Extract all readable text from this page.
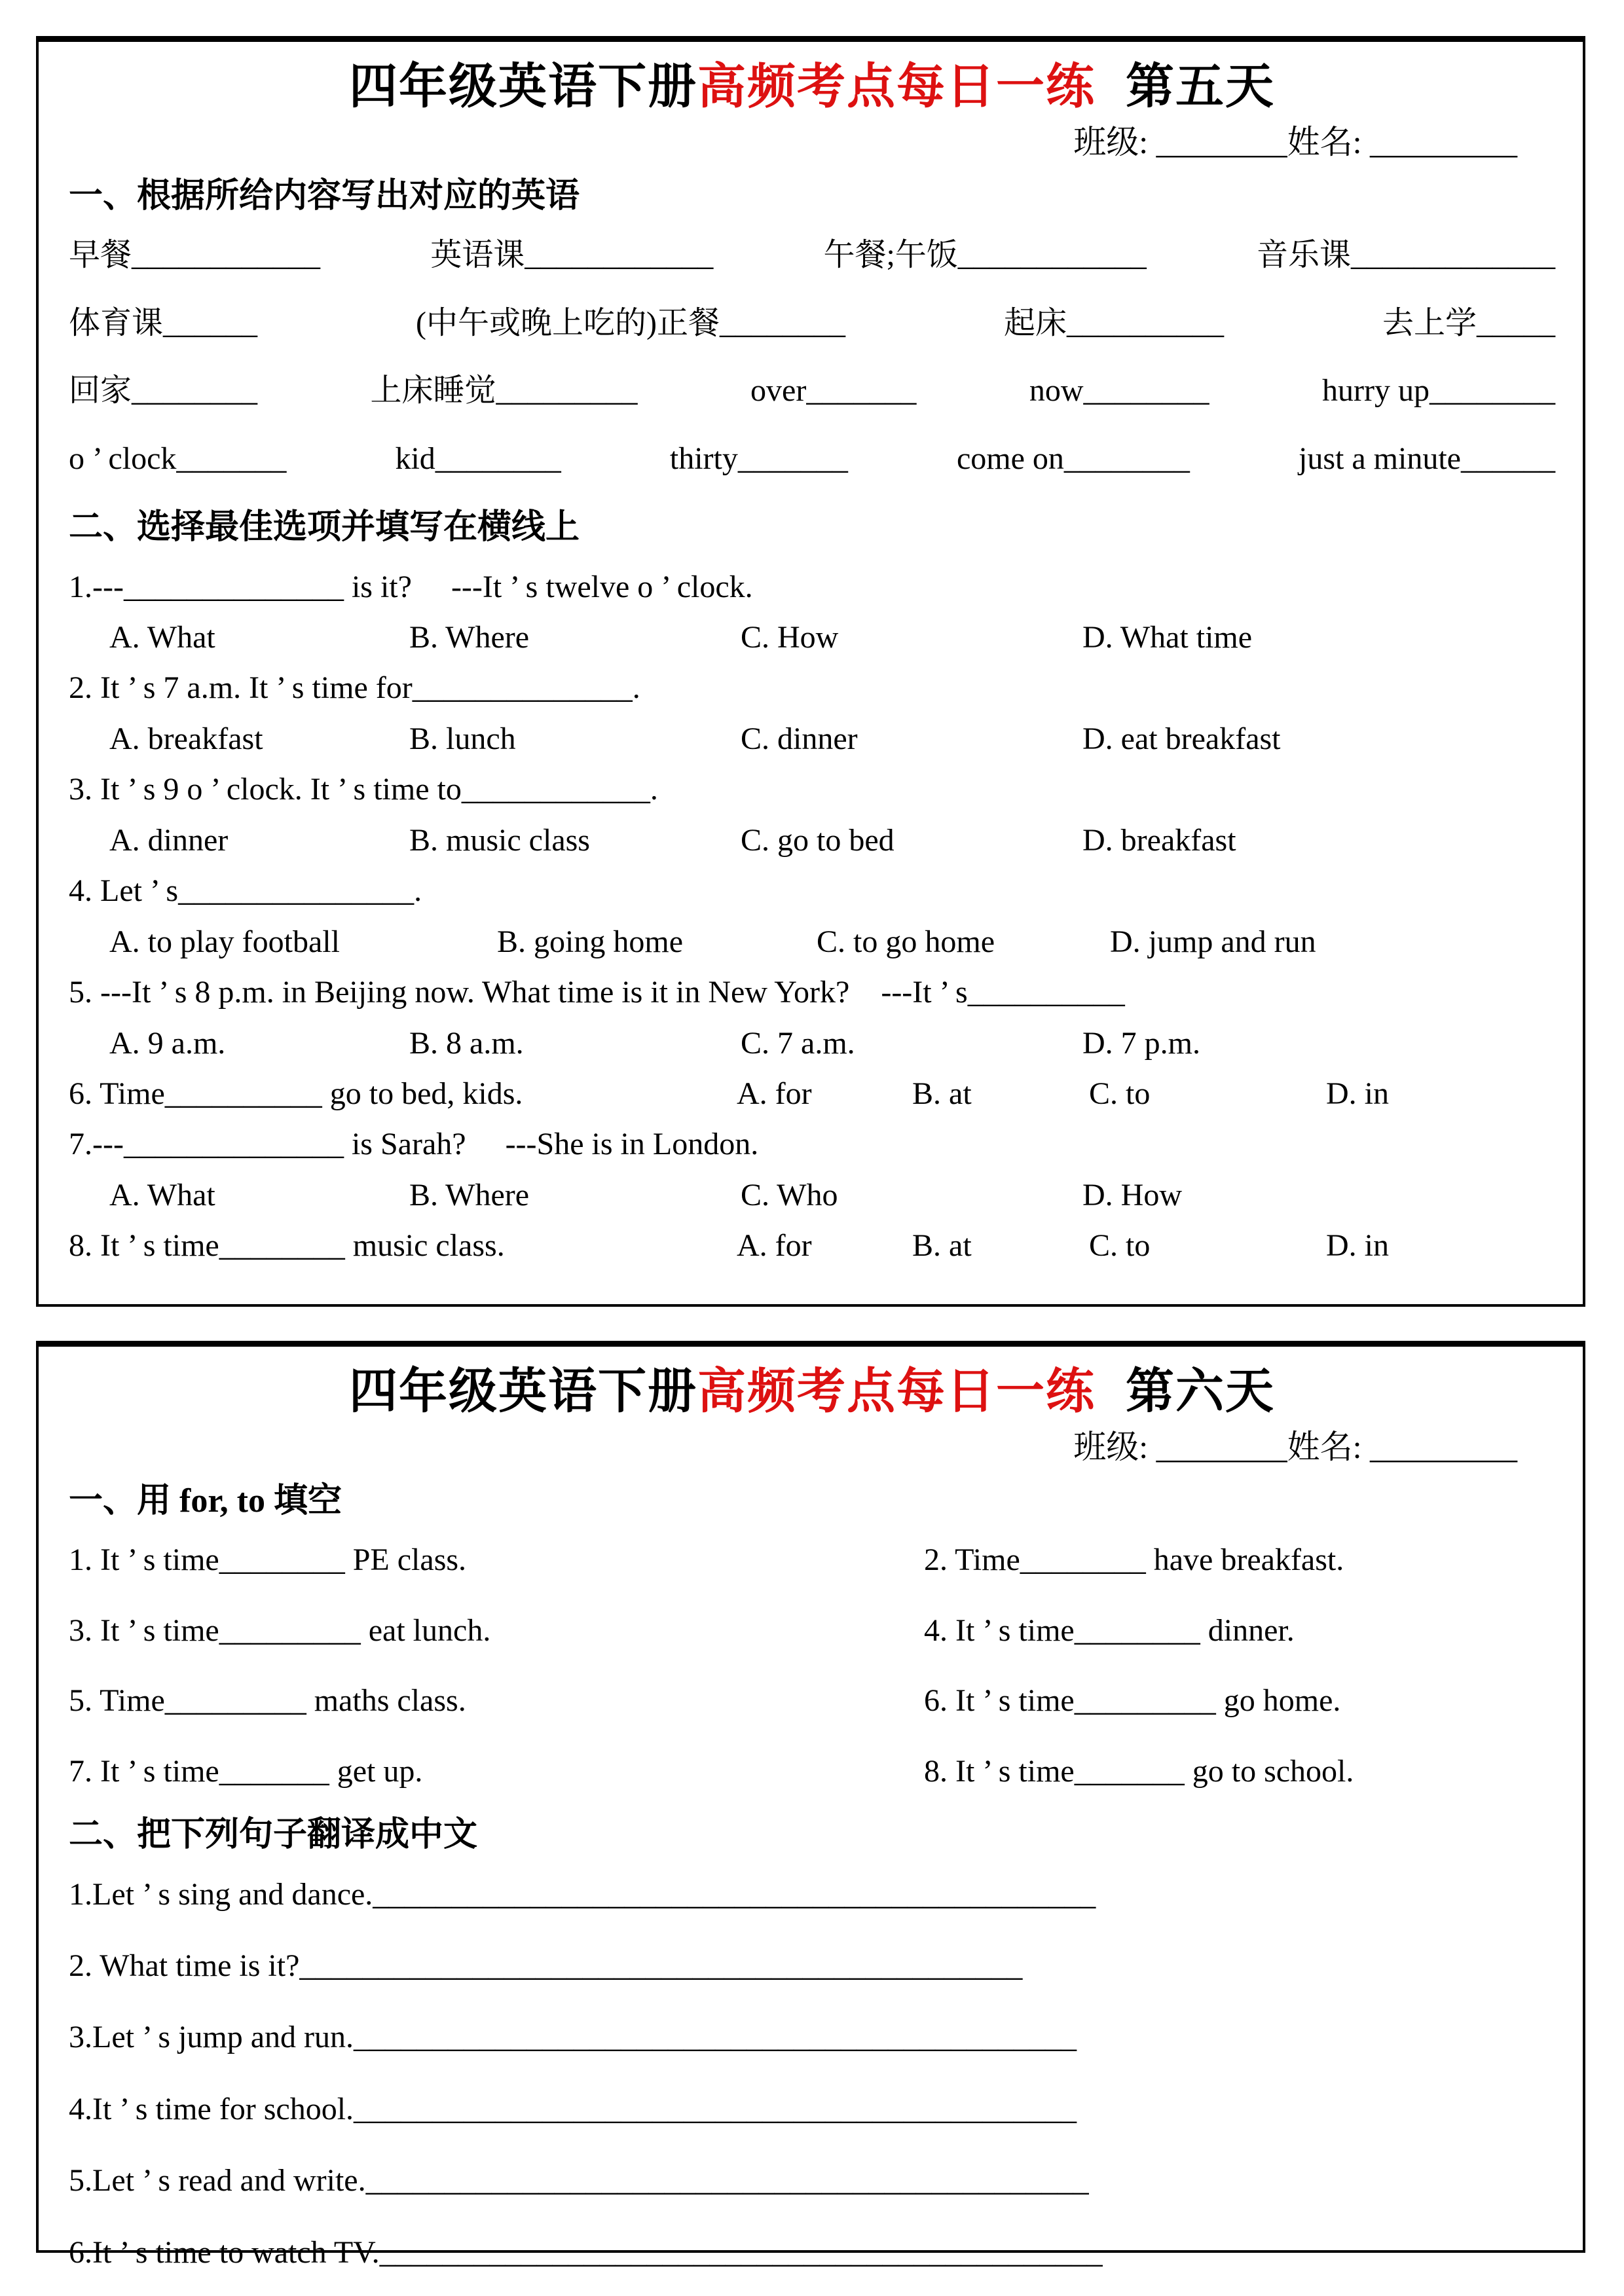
四年级英语下册高频考点每日一练 第五天
班级: ________姓名: _________
一、根据所给内容写出对应的英语
早餐____________	英语课____________	午餐;午饭____________	音乐课_____________
体育课______	(中午或晚上吃的)正餐________	起床__________	去上学_____
回家________	上床睡觉_________	over_______	now________	hurry up________
o ’ clock_______	kid________	thirty_______	come on________	just a minute______
二、选择最佳选项并填写在横线上
1.---______________ is it?     ---It ’ s twelve o ’ clock.
A. What	B. Where	C. How	D. What time
2. It ’ s 7 a.m. It ’ s time for______________.
A. breakfast	B. lunch	C. dinner	D. eat breakfast
3. It ’ s 9 o ’ clock. It ’ s time to____________.
A. dinner	B. music class	C. go to bed	D. breakfast
4. Let ’ s_______________.
A. to play football	B. going home	C. to go home	D. jump and run
5. ---It ’ s 8 p.m. in Beijing now. What time is it in New York?    ---It ’ s__________
A. 9 a.m.	B. 8 a.m.	C. 7 a.m.	D. 7 p.m.
6. Time__________ go to bed, kids.	A. for	B. at	C. to	D. in
7.---______________ is Sarah?     ---She is in London.
A. What	B. Where	C. Who	D. How
8. It ’ s time________ music class.	A. for	B. at	C. to	D. in
四年级英语下册高频考点每日一练 第六天
班级: ________姓名: _________
一、用 for, to 填空
1. It ’ s time________ PE class.	2. Time________ have breakfast.
3. It ’ s time_________ eat lunch.	4. It ’ s time________ dinner.
5. Time_________ maths class.	6. It ’ s time_________ go home.
7. It ’ s time_______ get up.	8. It ’ s time_______ go to school.
二、把下列句子翻译成中文
1.Let ’ s sing and dance.______________________________________________
2. What time is it?______________________________________________
3.Let ’ s jump and run.______________________________________________
4.It ’ s time for school.______________________________________________
5.Let ’ s read and write.______________________________________________
6.It ’ s time to watch TV.______________________________________________
